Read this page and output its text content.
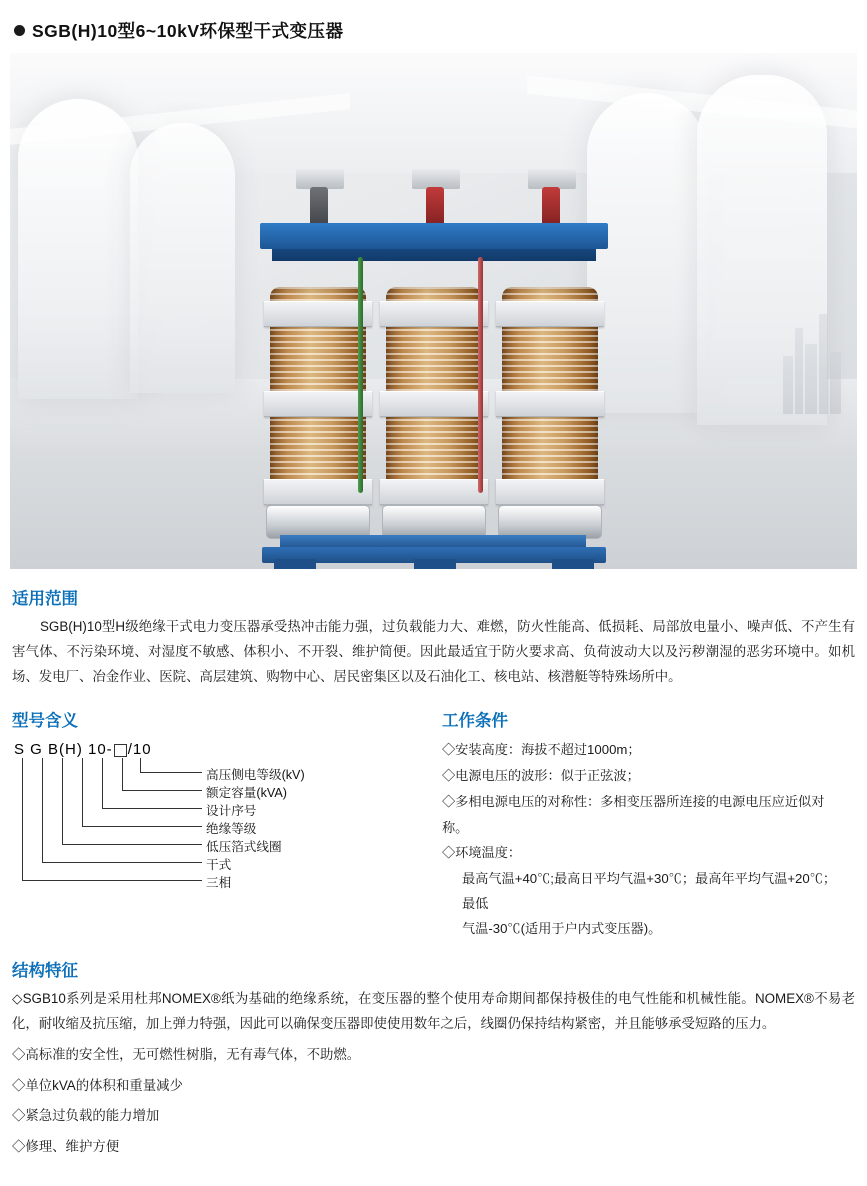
SGB(H)10型6~10kV环保型干式变压器
适用范围

SGB(H)10型H级绝缘干式电力变压器承受热冲击能力强，过负载能力大、难燃，防火性能高、低损耗、局部放电量小、噪声低、不产生有害气体、不污染环境、对湿度不敏感、体积小、不开裂、维护简便。因此最适宜于防火要求高、负荷波动大以及污秽潮湿的恶劣环境中。如机场、发电厂、冶金作业、医院、高层建筑、购物中心、居民密集区以及石油化工、核电站、核潜艇等特殊场所中。

型号含义
S G B(H) 10- /10
高压侧电等级(kV)
额定容量(kVA)
设计序号
绝缘等级
低压箔式线圈
干式
三相
工作条件
◇安装高度：海拔不超过1000m；
◇电源电压的波形：似于正弦波；
◇多相电源电压的对称性：多相变压器所连接的电源电压应近似对称。
◇环境温度：
最高气温+40℃;最高日平均气温+30℃；最高年平均气温+20℃；最低
气温-30℃(适用于户内式变压器)。
结构特征

◇SGB10系列是采用杜邦NOMEX®纸为基础的绝缘系统，在变压器的整个使用寿命期间都保持极佳的电气性能和机械性能。NOMEX®不易老化，耐收缩及抗压缩，加上弹力特强，因此可以确保变压器即使使用数年之后，线圈仍保持结构紧密，并且能够承受短路的压力。

◇高标准的安全性，无可燃性树脂，无有毒气体，不助燃。

◇单位kVA的体积和重量减少

◇紧急过负载的能力增加

◇修理、维护方便
